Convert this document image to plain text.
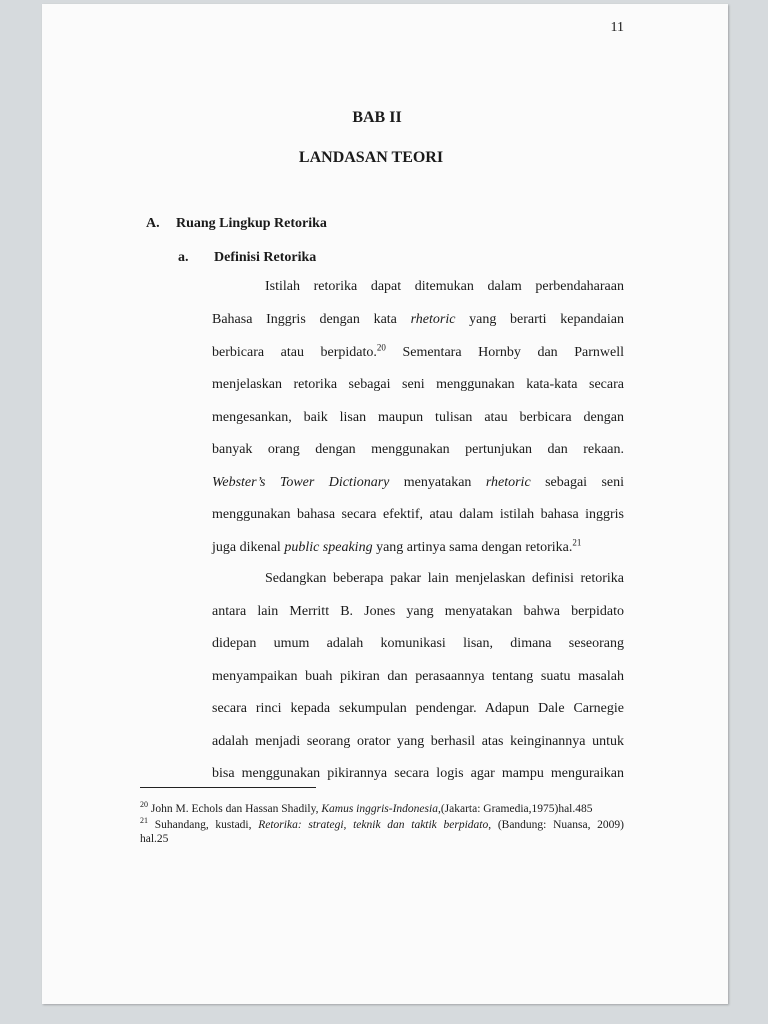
11
BAB II
LANDASAN TEORI
A. Ruang Lingkup Retorika
a. Definisi Retorika
Istilah retorika dapat ditemukan dalam perbendaharaan
Bahasa Inggris dengan kata rhetoric yang berarti kepandaian
berbicara atau berpidato.$^{20}$ Sementara Hornby dan Parnwell
menjelaskan retorika sebagai seni menggunakan kata-kata secara
mengesankan, baik lisan maupun tulisan atau berbicara dengan
banyak orang dengan menggunakan pertunjukan dan rekaan.
Webster’s Tower Dictionary menyatakan rhetoric sebagai seni
menggunakan bahasa secara efektif, atau dalam istilah bahasa inggris
juga dikenal public speaking yang artinya sama dengan retorika.$^{21}$
Sedangkan beberapa pakar lain menjelaskan definisi retorika
antara lain Merritt B. Jones yang menyatakan bahwa berpidato
didepan umum adalah komunikasi lisan, dimana seseorang
menyampaikan buah pikiran dan perasaannya tentang suatu masalah
secara rinci kepada sekumpulan pendengar. Adapun Dale Carnegie
adalah menjadi seorang orator yang berhasil atas keinginannya untuk
bisa menggunakan pikirannya secara logis agar mampu menguraikan
$^{20}$ John M. Echols dan Hassan Shadily, Kamus inggris-Indonesia,(Jakarta: Gramedia,1975)hal.485
$^{21}$ Suhandang, kustadi, Retorika: strategi, teknik dan taktik berpidato, (Bandung: Nuansa, 2009)
hal.25
